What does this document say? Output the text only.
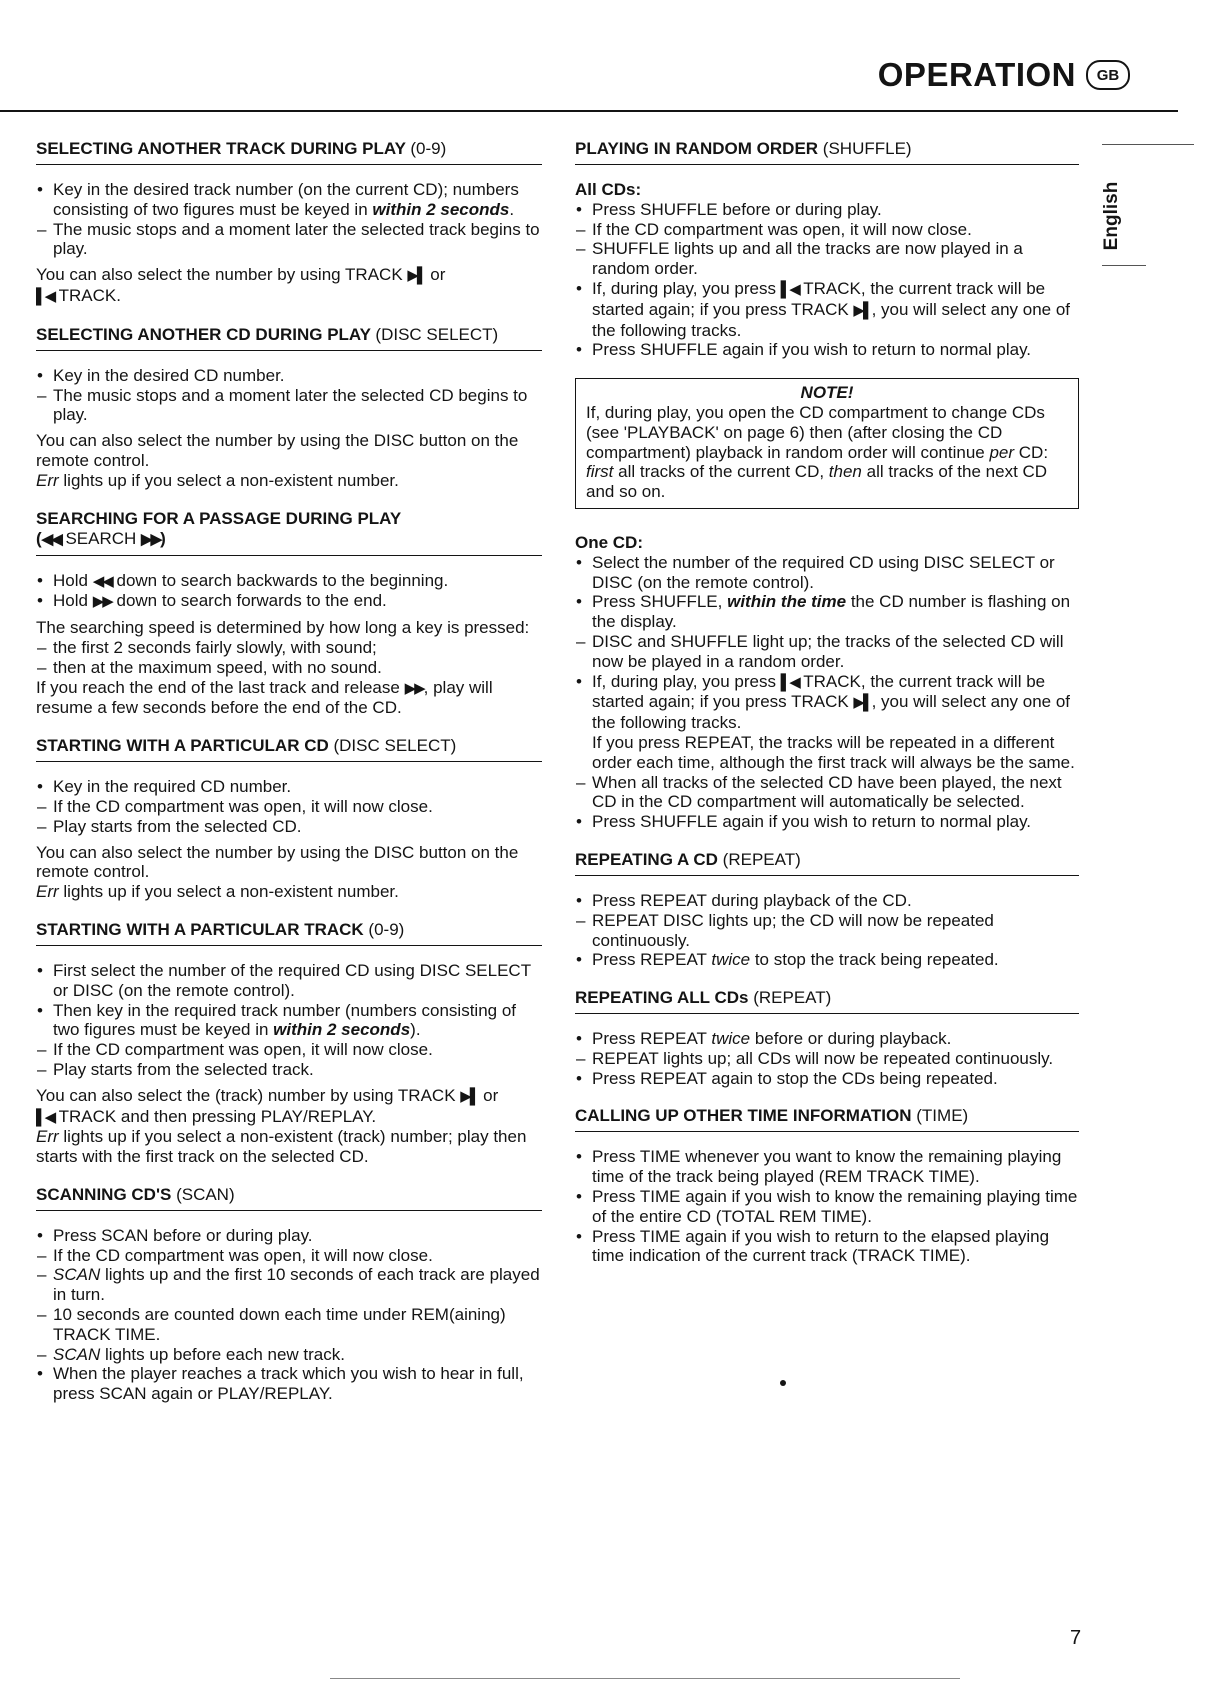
OPERATION	GB
English
SELECTING ANOTHER TRACK DURING PLAY (0-9)
• Key in the desired track number (on the current CD); numbers consisting of two figures must be keyed in within 2 seconds.
– The music stops and a moment later the selected track begins to play.

You can also select the number by using TRACK ▶▌ or
▌◀ TRACK.

SELECTING ANOTHER CD DURING PLAY (DISC SELECT)
• Key in the desired CD number.
– The music stops and a moment later the selected CD begins to play.

You can also select the number by using the DISC button on the remote control.

Err lights up if you select a non-existent number.

SEARCHING FOR A PASSAGE DURING PLAY
(◀◀ SEARCH ▶▶)
• Hold ◀◀ down to search backwards to the beginning.
• Hold ▶▶ down to search forwards to the end.

The searching speed is determined by how long a key is pressed:

– the first 2 seconds fairly slowly, with sound;
– then at the maximum speed, with no sound.

If you reach the end of the last track and release ▶▶, play will resume a few seconds before the end of the CD.

STARTING WITH A PARTICULAR CD (DISC SELECT)
• Key in the required CD number.
– If the CD compartment was open, it will now close.
– Play starts from the selected CD.

You can also select the number by using the DISC button on the remote control.

Err lights up if you select a non-existent number.

STARTING WITH A PARTICULAR TRACK (0-9)
• First select the number of the required CD using DISC SELECT or DISC (on the remote control).
• Then key in the required track number (numbers consisting of two figures must be keyed in within 2 seconds).
– If the CD compartment was open, it will now close.
– Play starts from the selected track.

You can also select the (track) number by using TRACK ▶▌ or
▌◀ TRACK and then pressing PLAY/REPLAY.

Err lights up if you select a non-existent (track) number; play then starts with the first track on the selected CD.

SCANNING CD'S (SCAN)
• Press SCAN before or during play.
– If the CD compartment was open, it will now close.
– SCAN lights up and the first 10 seconds of each track are played in turn.
– 10 seconds are counted down each time under REM(aining) TRACK TIME.
– SCAN lights up before each new track.
• When the player reaches a track which you wish to hear in full, press SCAN again or PLAY/REPLAY.
PLAYING IN RANDOM ORDER (SHUFFLE)

All CDs:

• Press SHUFFLE before or during play.
– If the CD compartment was open, it will now close.
– SHUFFLE lights up and all the tracks are now played in a random order.
• If, during play, you press ▌◀ TRACK, the current track will be started again; if you press TRACK ▶▌, you will select any one of the following tracks.
• Press SHUFFLE again if you wish to return to normal play.
NOTE!
If, during play, you open the CD compartment to change CDs (see 'PLAYBACK' on page 6) then (after closing the CD compartment) playback in random order will continue per CD: first all tracks of the current CD, then all tracks of the next CD and so on.

One CD:

• Select the number of the required CD using DISC SELECT or DISC (on the remote control).
• Press SHUFFLE, within the time the CD number is flashing on the display.
– DISC and SHUFFLE light up; the tracks of the selected CD will now be played in a random order.
• If, during play, you press ▌◀ TRACK, the current track will be started again; if you press TRACK ▶▌, you will select any one of the following tracks.
If you press REPEAT, the tracks will be repeated in a different order each time, although the first track will always be the same.
– When all tracks of the selected CD have been played, the next CD in the CD compartment will automatically be selected.
• Press SHUFFLE again if you wish to return to normal play.
REPEATING A CD (REPEAT)
• Press REPEAT during playback of the CD.
– REPEAT DISC lights up; the CD will now be repeated continuously.
• Press REPEAT twice to stop the track being repeated.
REPEATING ALL CDs (REPEAT)
• Press REPEAT twice before or during playback.
– REPEAT lights up; all CDs will now be repeated continuously.
• Press REPEAT again to stop the CDs being repeated.
CALLING UP OTHER TIME INFORMATION (TIME)
• Press TIME whenever you want to know the remaining playing time of the track being played (REM TRACK TIME).
• Press TIME again if you wish to know the remaining playing time of the entire CD (TOTAL REM TIME).
• Press TIME again if you wish to return to the elapsed playing time indication of the current track (TRACK TIME).
7
